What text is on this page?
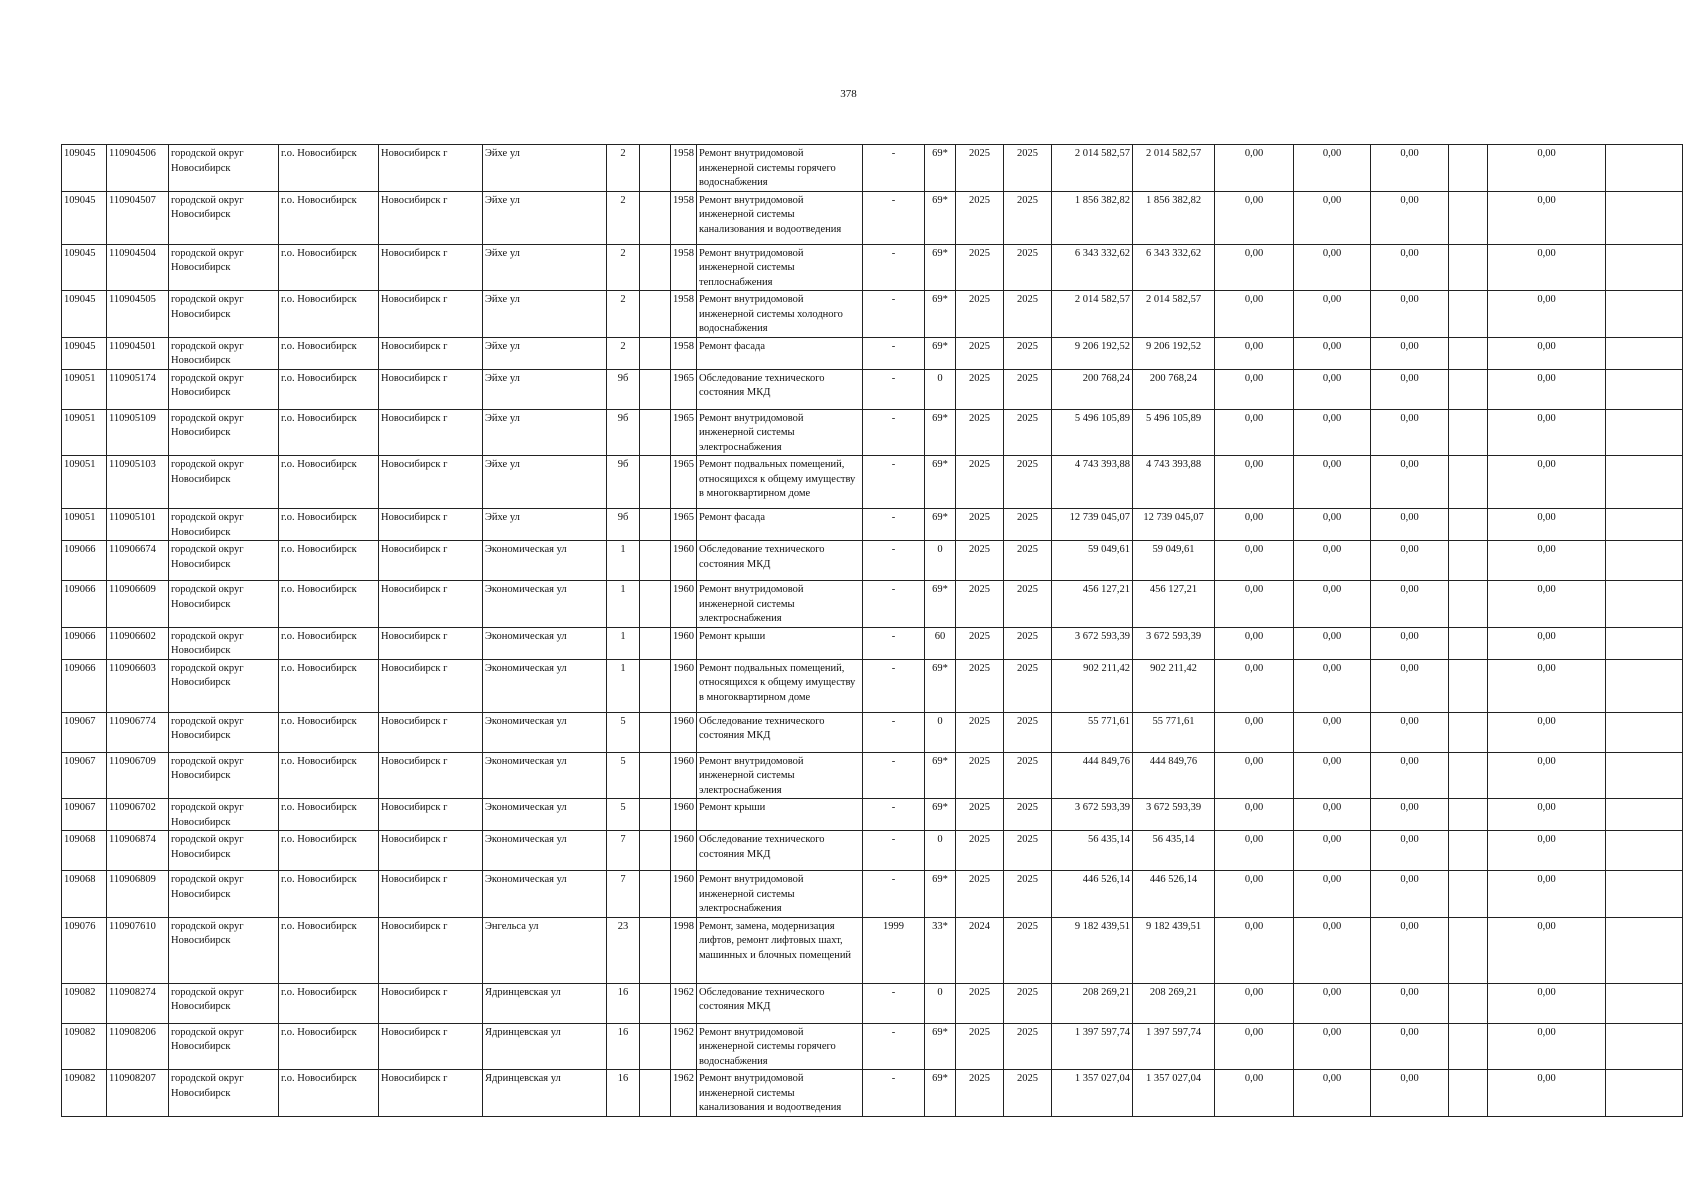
378
109045	110904506	городской округ Новосибирск	г.о. Новосибирск	Новосибирск г	Эйхе ул	2		1958	Ремонт внутридомовой инженерной системы горячего водоснабжения	-	69*	2025	2025	2 014 582,57	2 014 582,57	0,00	0,00	0,00		0,00	
109045	110904507	городской округ Новосибирск	г.о. Новосибирск	Новосибирск г	Эйхе ул	2		1958	Ремонт внутридомовой инженерной системы канализования и водоотведения	-	69*	2025	2025	1 856 382,82	1 856 382,82	0,00	0,00	0,00		0,00	
109045	110904504	городской округ Новосибирск	г.о. Новосибирск	Новосибирск г	Эйхе ул	2		1958	Ремонт внутридомовой инженерной системы теплоснабжения	-	69*	2025	2025	6 343 332,62	6 343 332,62	0,00	0,00	0,00		0,00	
109045	110904505	городской округ Новосибирск	г.о. Новосибирск	Новосибирск г	Эйхе ул	2		1958	Ремонт внутридомовой инженерной системы холодного водоснабжения	-	69*	2025	2025	2 014 582,57	2 014 582,57	0,00	0,00	0,00		0,00	
109045	110904501	городской округ Новосибирск	г.о. Новосибирск	Новосибирск г	Эйхе ул	2		1958	Ремонт фасада	-	69*	2025	2025	9 206 192,52	9 206 192,52	0,00	0,00	0,00		0,00	
109051	110905174	городской округ Новосибирск	г.о. Новосибирск	Новосибирск г	Эйхе ул	9б		1965	Обследование технического состояния МКД	-	0	2025	2025	200 768,24	200 768,24	0,00	0,00	0,00		0,00	
109051	110905109	городской округ Новосибирск	г.о. Новосибирск	Новосибирск г	Эйхе ул	9б		1965	Ремонт внутридомовой инженерной системы электроснабжения	-	69*	2025	2025	5 496 105,89	5 496 105,89	0,00	0,00	0,00		0,00	
109051	110905103	городской округ Новосибирск	г.о. Новосибирск	Новосибирск г	Эйхе ул	9б		1965	Ремонт подвальных помещений, относящихся к общему имуществу в многоквартирном доме	-	69*	2025	2025	4 743 393,88	4 743 393,88	0,00	0,00	0,00		0,00	
109051	110905101	городской округ Новосибирск	г.о. Новосибирск	Новосибирск г	Эйхе ул	9б		1965	Ремонт фасада	-	69*	2025	2025	12 739 045,07	12 739 045,07	0,00	0,00	0,00		0,00	
109066	110906674	городской округ Новосибирск	г.о. Новосибирск	Новосибирск г	Экономическая ул	1		1960	Обследование технического состояния МКД	-	0	2025	2025	59 049,61	59 049,61	0,00	0,00	0,00		0,00	
109066	110906609	городской округ Новосибирск	г.о. Новосибирск	Новосибирск г	Экономическая ул	1		1960	Ремонт внутридомовой инженерной системы электроснабжения	-	69*	2025	2025	456 127,21	456 127,21	0,00	0,00	0,00		0,00	
109066	110906602	городской округ Новосибирск	г.о. Новосибирск	Новосибирск г	Экономическая ул	1		1960	Ремонт крыши	-	60	2025	2025	3 672 593,39	3 672 593,39	0,00	0,00	0,00		0,00	
109066	110906603	городской округ Новосибирск	г.о. Новосибирск	Новосибирск г	Экономическая ул	1		1960	Ремонт подвальных помещений, относящихся к общему имуществу в многоквартирном доме	-	69*	2025	2025	902 211,42	902 211,42	0,00	0,00	0,00		0,00	
109067	110906774	городской округ Новосибирск	г.о. Новосибирск	Новосибирск г	Экономическая ул	5		1960	Обследование технического состояния МКД	-	0	2025	2025	55 771,61	55 771,61	0,00	0,00	0,00		0,00	
109067	110906709	городской округ Новосибирск	г.о. Новосибирск	Новосибирск г	Экономическая ул	5		1960	Ремонт внутридомовой инженерной системы электроснабжения	-	69*	2025	2025	444 849,76	444 849,76	0,00	0,00	0,00		0,00	
109067	110906702	городской округ Новосибирск	г.о. Новосибирск	Новосибирск г	Экономическая ул	5		1960	Ремонт крыши	-	69*	2025	2025	3 672 593,39	3 672 593,39	0,00	0,00	0,00		0,00	
109068	110906874	городской округ Новосибирск	г.о. Новосибирск	Новосибирск г	Экономическая ул	7		1960	Обследование технического состояния МКД	-	0	2025	2025	56 435,14	56 435,14	0,00	0,00	0,00		0,00	
109068	110906809	городской округ Новосибирск	г.о. Новосибирск	Новосибирск г	Экономическая ул	7		1960	Ремонт внутридомовой инженерной системы электроснабжения	-	69*	2025	2025	446 526,14	446 526,14	0,00	0,00	0,00		0,00	
109076	110907610	городской округ Новосибирск	г.о. Новосибирск	Новосибирск г	Энгельса ул	23		1998	Ремонт, замена, модернизация лифтов, ремонт лифтовых шахт, машинных и блочных помещений	1999	33*	2024	2025	9 182 439,51	9 182 439,51	0,00	0,00	0,00		0,00	
109082	110908274	городской округ Новосибирск	г.о. Новосибирск	Новосибирск г	Ядринцевская ул	16		1962	Обследование технического состояния МКД	-	0	2025	2025	208 269,21	208 269,21	0,00	0,00	0,00		0,00	
109082	110908206	городской округ Новосибирск	г.о. Новосибирск	Новосибирск г	Ядринцевская ул	16		1962	Ремонт внутридомовой инженерной системы горячего водоснабжения	-	69*	2025	2025	1 397 597,74	1 397 597,74	0,00	0,00	0,00		0,00	
109082	110908207	городской округ Новосибирск	г.о. Новосибирск	Новосибирск г	Ядринцевская ул	16		1962	Ремонт внутридомовой инженерной системы канализования и водоотведения	-	69*	2025	2025	1 357 027,04	1 357 027,04	0,00	0,00	0,00		0,00	
